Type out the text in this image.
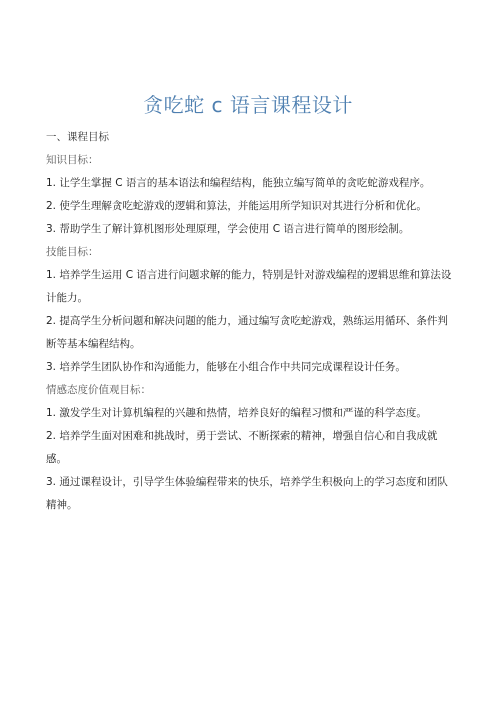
贪吃蛇 c 语言课程设计

一、课程目标

知识目标：

1. 让学生掌握 C 语言的基本语法和编程结构，能独立编写简单的贪吃蛇游戏程序。

2. 使学生理解贪吃蛇游戏的逻辑和算法，并能运用所学知识对其进行分析和优化。

3. 帮助学生了解计算机图形处理原理，学会使用 C 语言进行简单的图形绘制。

技能目标：

1. 培养学生运用 C 语言进行问题求解的能力，特别是针对游戏编程的逻辑思维和算法设计能力。

2. 提高学生分析问题和解决问题的能力，通过编写贪吃蛇游戏，熟练运用循环、条件判断等基本编程结构。

3. 培养学生团队协作和沟通能力，能够在小组合作中共同完成课程设计任务。

情感态度价值观目标：

1. 激发学生对计算机编程的兴趣和热情，培养良好的编程习惯和严谨的科学态度。

2. 培养学生面对困难和挑战时，勇于尝试、不断探索的精神，增强自信心和自我成就感。

3. 通过课程设计，引导学生体验编程带来的快乐，培养学生积极向上的学习态度和团队精神。
